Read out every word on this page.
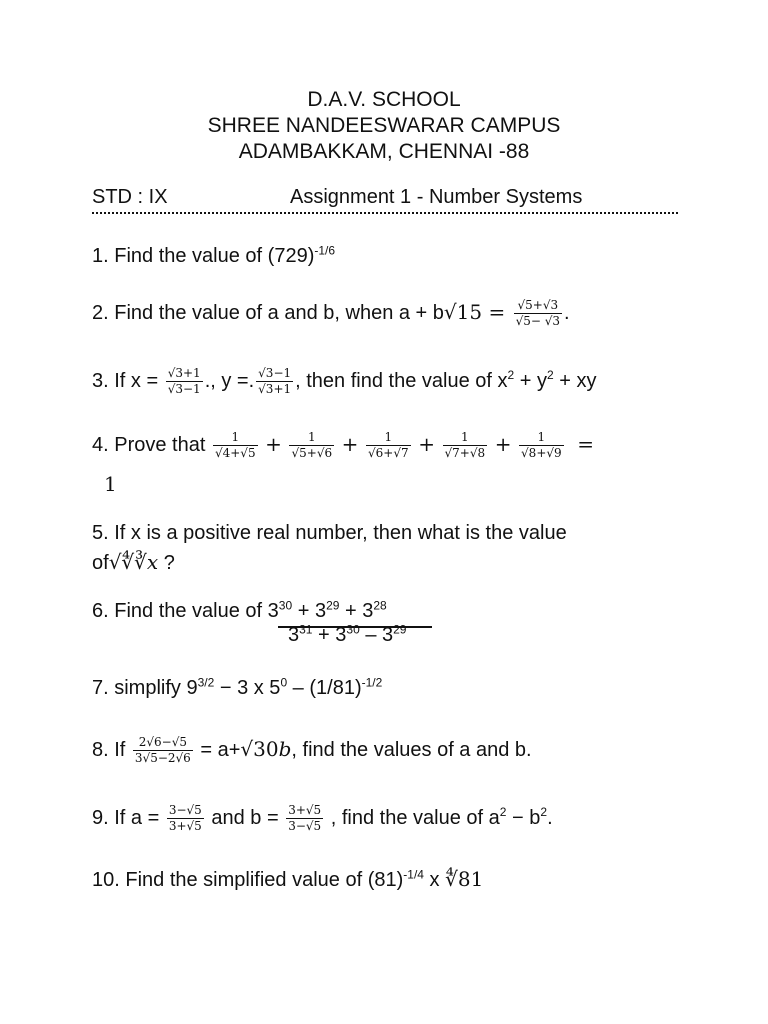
D.A.V. SCHOOL
SHREE NANDEESWARAR CAMPUS
ADAMBAKKAM, CHENNAI -88
STD : IX	Assignment 1 - Number Systems
1. Find the value of $(729)^{-1/6}$
2. Find the value of a and b, when $a + b√15 = \frac{√5+√3}{√5- √3}$ .
3. If $x = \frac{√3+1}{√3-1}$ ., y =. $\frac{√3-1}{√3+1}$ , then find the value of $x^2 + y^2$ + xy
4. Prove that $\frac{1}{√4+√5} + \frac{1}{√5+√6} + \frac{1}{√6+√7} + \frac{1}{√7+√8} + \frac{1}{√8+√9}$ =
1
5. If x is a positive real number, then what is the value
of√∜∛x ?
6. Find the value of $3^{30} + 3^{29} + 3^{28}$
$3^{31} + 3^{30} - 3^{29}$
7. simplify $9^{3/2} - 3$ x $5^0 - (1/81)^{-1/2}$
8. If $\frac{2√6-√5}{3√5-2√6} = a+√30b$, find the values of a and b.
9. If $a = \frac{3-√5}{3+√5}$ and $b = \frac{3+√5}{3-√5}$ , find the value of $a^2 - b^2$.
10. Find the simplified value of $(81)^{-1/4}$ x ∜81
